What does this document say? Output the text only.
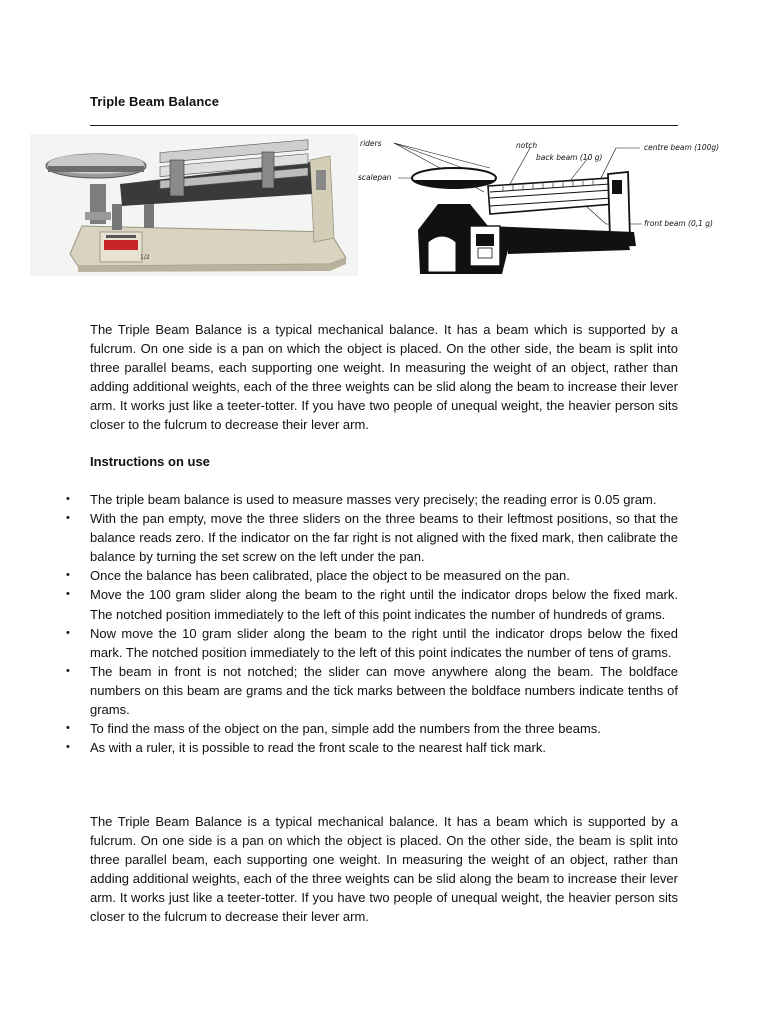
Triple Beam Balance
1/2
riders	notch
back beam (10 g)
centre beam (100g)
scalepan
front beam (0,1 g)
The Triple Beam Balance is a typical mechanical balance. It has a beam which is supported by a fulcrum. On one side is a pan on which the object is placed. On the other side, the beam is split into three parallel beams, each supporting one weight. In measuring the weight of an object, rather than adding additional weights, each of the three weights can be slid along the beam to increase their lever arm. It works just like a teeter-totter. If you have two people of unequal weight, the heavier person sits closer to the fulcrum to decrease their lever arm.
Instructions on use
• The triple beam balance is used to measure masses very precisely; the reading error is 0.05 gram.
• With the pan empty, move the three sliders on the three beams to their leftmost positions, so that the balance reads zero. If the indicator on the far right is not aligned with the fixed mark, then calibrate the balance by turning the set screw on the left under the pan.
• Once the balance has been calibrated, place the object to be measured on the pan.
• Move the 100 gram slider along the beam to the right until the indicator drops below the fixed mark. The notched position immediately to the left of this point indicates the number of hundreds of grams.
• Now move the 10 gram slider along the beam to the right until the indicator drops below the fixed mark. The notched position immediately to the left of this point indicates the number of tens of grams.
• The beam in front is not notched; the slider can move anywhere along the beam. The boldface numbers on this beam are grams and the tick marks between the boldface numbers indicate tenths of grams.
• To find the mass of the object on the pan, simple add the numbers from the three beams.
• As with a ruler, it is possible to read the front scale to the nearest half tick mark.
The Triple Beam Balance is a typical mechanical balance. It has a beam which is supported by a fulcrum. On one side is a pan on which the object is placed. On the other side, the beam is split into three parallel beam, each supporting one weight. In measuring the weight of an object, rather than adding additional weights, each of the three weights can be slid along the beam to increase their lever arm. It works just like a teeter-totter. If you have two people of unequal weight, the heavier person sits closer to the fulcrum to decrease their lever arm.
